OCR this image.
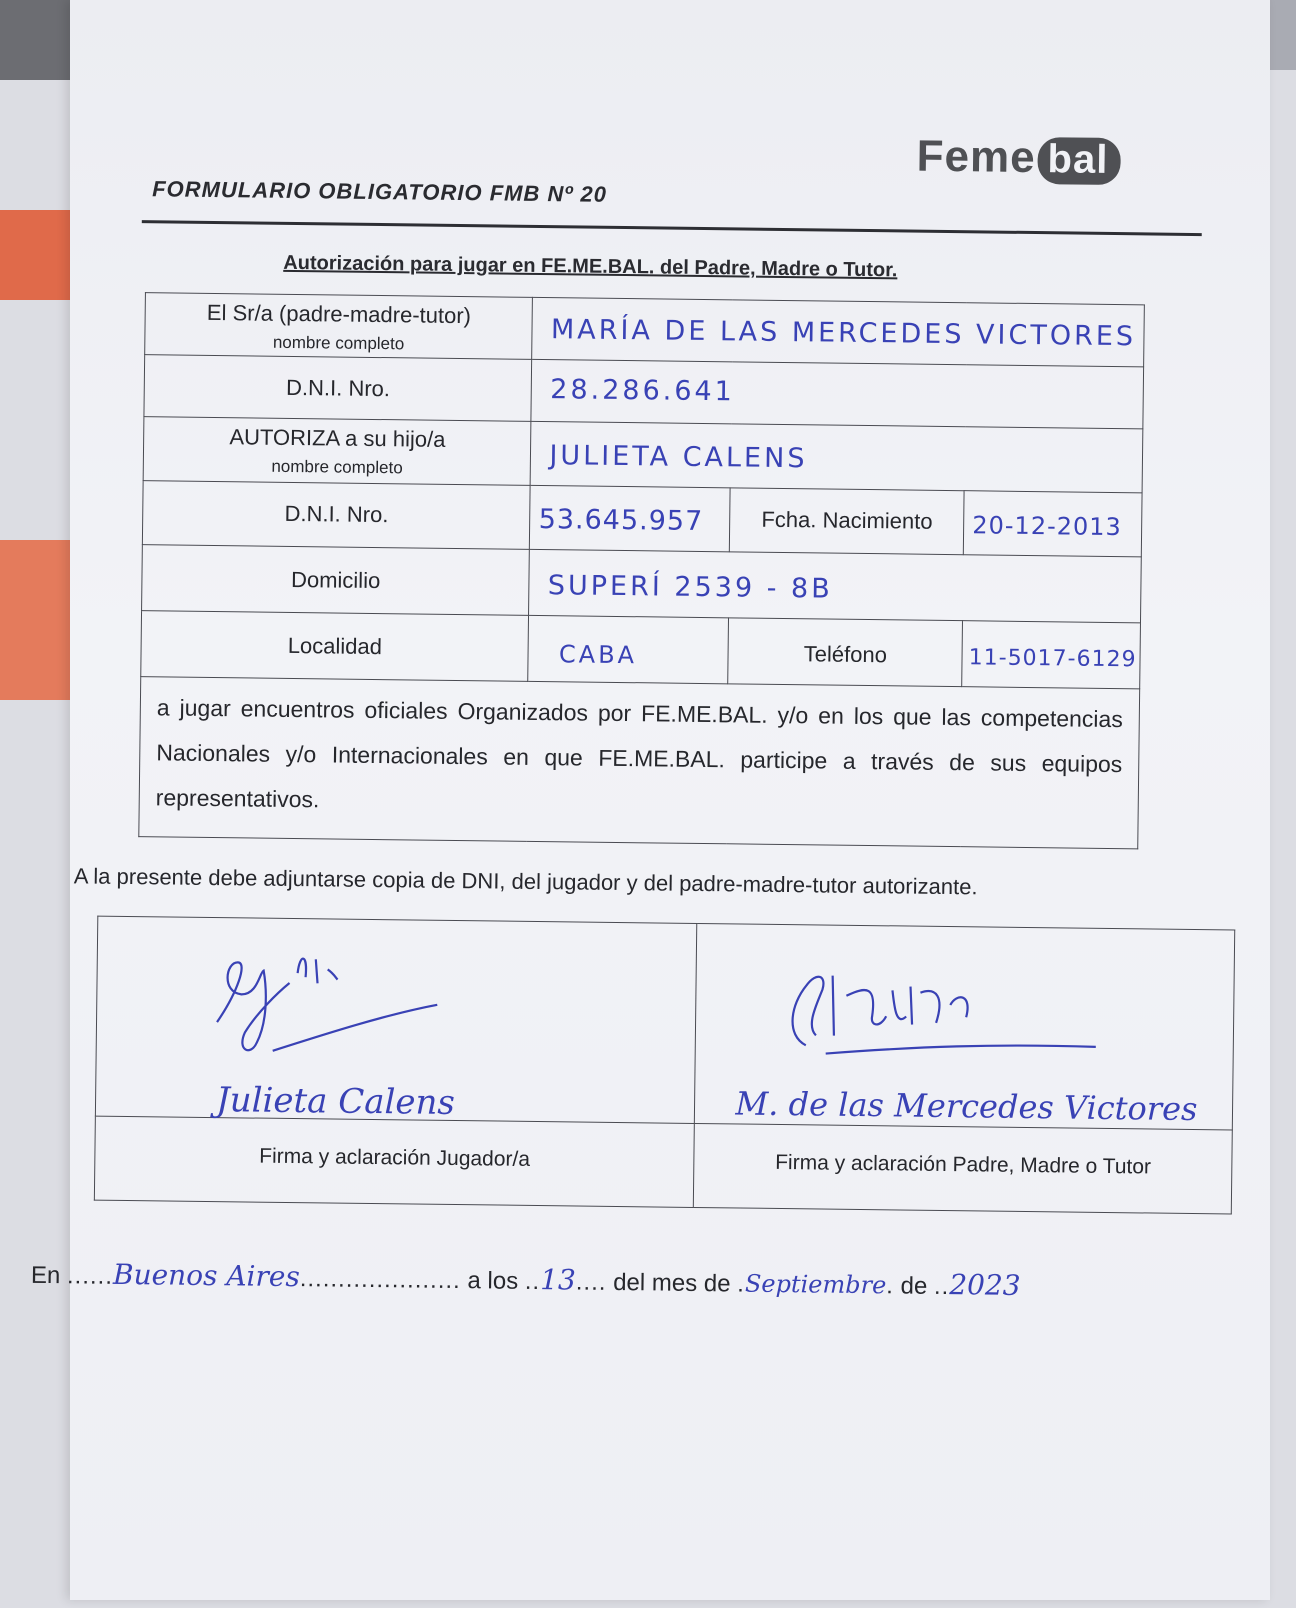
Feme bal
FORMULARIO OBLIGATORIO FMB Nº 20
Autorización para jugar en FE.ME.BAL. del Padre, Madre o Tutor.
El Sr/a (padre-madre-tutor)
nombre completo	MARÍA DE LAS MERCEDES VICTORES		

D.N.I. Nro.	28.286.641		

AUTORIZA a su hijo/a
nombre completo	JULIETA CALENS		

D.N.I. Nro.	53.645.957	Fcha. Nacimiento	20-12-2013

Domicilio	SUPERÍ 2539 - 8B		

Localidad	CABA	Teléfono	11-5017-6129

a jugar encuentros oficiales Organizados por FE.ME.BAL. y/o en los que las competencias Nacionales y/o Internacionales en que FE.ME.BAL. participe a través de sus equipos representativos.			
A la presente debe adjuntarse copia de DNI, del jugador y del padre-madre-tutor autorizante.
Julieta Calens	M. de las Mercedes Victores

Firma y aclaración Jugador/a	Firma y aclaración Padre, Madre o Tutor
En ......Buenos Aires..................... a los ..13.... del mes de .Septiembre. de ..2023
